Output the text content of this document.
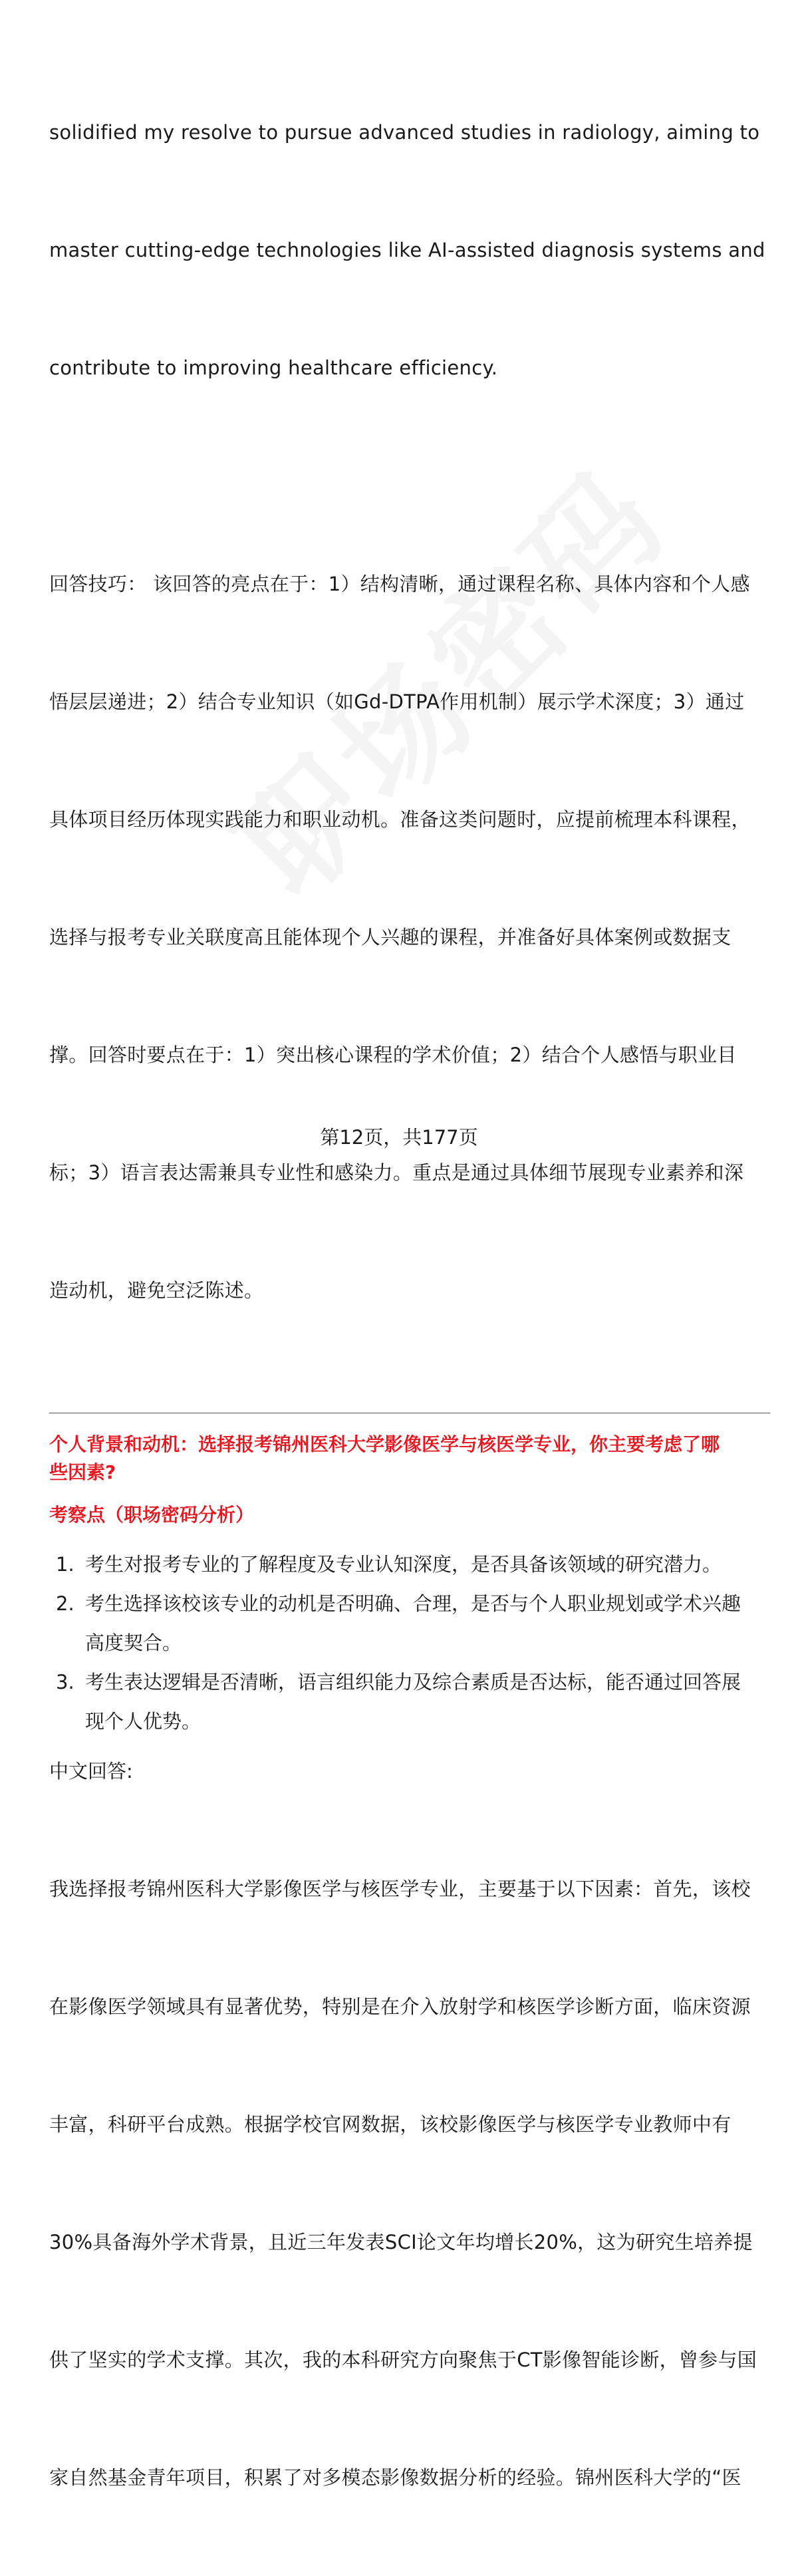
solidified my resolve to pursue advanced studies in radiology, aiming to

master cutting-edge technologies like AI-assisted diagnosis systems and

contribute to improving healthcare efficiency.

回答技巧： 该回答的亮点在于：1）结构清晰，通过课程名称、具体内容和个人感

悟层层递进；2）结合专业知识（如Gd-DTPA作用机制）展示学术深度；3）通过

具体项目经历体现实践能力和职业动机。准备这类问题时，应提前梳理本科课程，

选择与报考专业关联度高且能体现个人兴趣的课程，并准备好具体案例或数据支

撑。回答时要点在于：1）突出核心课程的学术价值；2）结合个人感悟与职业目

标；3）语言表达需兼具专业性和感染力。重点是通过具体细节展现专业素养和深

造动机，避免空泛陈述。

个人背景和动机：选择报考锦州医科大学影像医学与核医学专业，你主要考虑了哪
些因素?
考察点（职场密码分析）
1. 考生对报考专业的了解程度及专业认知深度，是否具备该领域的研究潜力。
2. 考生选择该校该专业的动机是否明确、合理，是否与个人职业规划或学术兴趣
高度契合。
3. 考生表达逻辑是否清晰，语言组织能力及综合素质是否达标，能否通过回答展
现个人优势。

中文回答:

我选择报考锦州医科大学影像医学与核医学专业，主要基于以下因素：首先，该校

在影像医学领域具有显著优势，特别是在介入放射学和核医学诊断方面，临床资源

丰富，科研平台成熟。根据学校官网数据，该校影像医学与核医学专业教师中有

30%具备海外学术背景，且近三年发表SCI论文年均增长20%，这为研究生培养提

供了坚实的学术支撑。其次，我的本科研究方向聚焦于CT影像智能诊断，曾参与国

家自然基金青年项目，积累了对多模态影像数据分析的经验。锦州医科大学的“医

第12页，共177页
